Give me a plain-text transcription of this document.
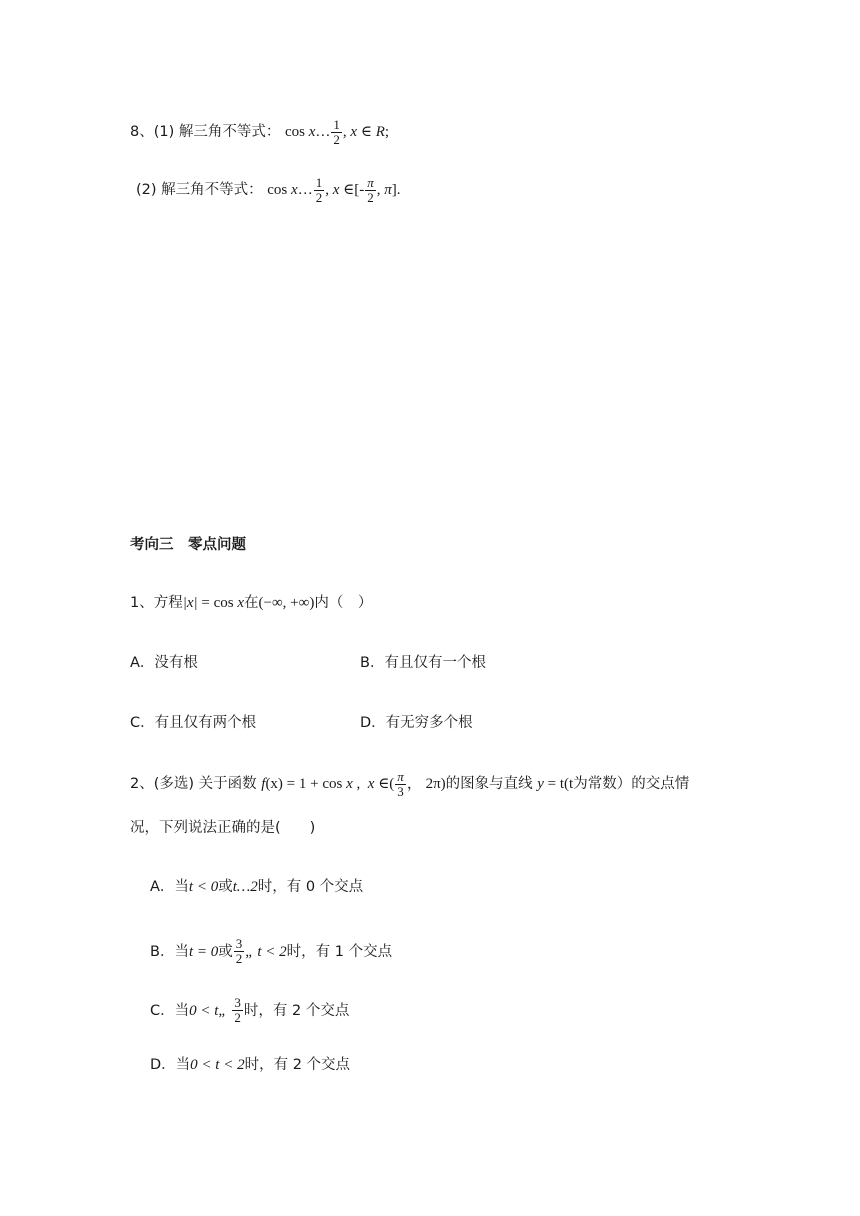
8、(1) 解三角不等式： cos x… $\frac{1}{2}$ , x ∈ R;
(2) 解三角不等式： cos x… $\frac{1}{2}$ , x ∈[- $\frac{\pi}{2}$ , π].
考向三　零点问题
1、方程|x| = cos x在(−∞, +∞)内（　）
A．没有根	B．有且仅有一个根
C．有且仅有两个根	D．有无穷多个根
2、(多选) 关于函数 f(x) = 1 + cos x , x ∈( $\frac{\pi}{3}$ ， 2π)的图象与直线 y = t(t为常数）的交点情
况，下列说法正确的是(　　)
A．当t < 0或t…2时，有 0 个交点
B．当t = 0或 $\frac{3}{2}$ „ t < 2时，有 1 个交点
C．当0 < t„ $\frac{3}{2}$ 时，有 2 个交点
D．当0 < t < 2时，有 2 个交点
